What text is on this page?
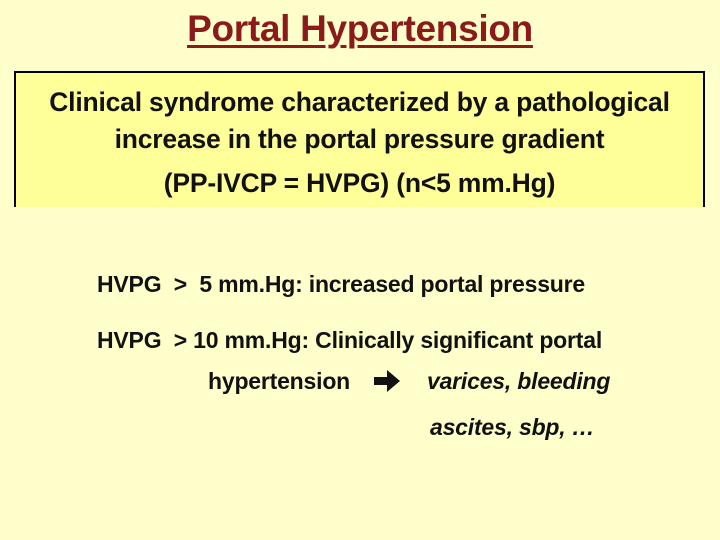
Portal Hypertension
Clinical syndrome characterized by a pathological
increase in the portal pressure gradient
(PP-IVCP = HVPG) (n<5 mm.Hg)
HVPG  >  5 mm.Hg: increased portal pressure
HVPG  > 10 mm.Hg: Clinically significant portal
hypertension	varices, bleeding
ascites, sbp, …
